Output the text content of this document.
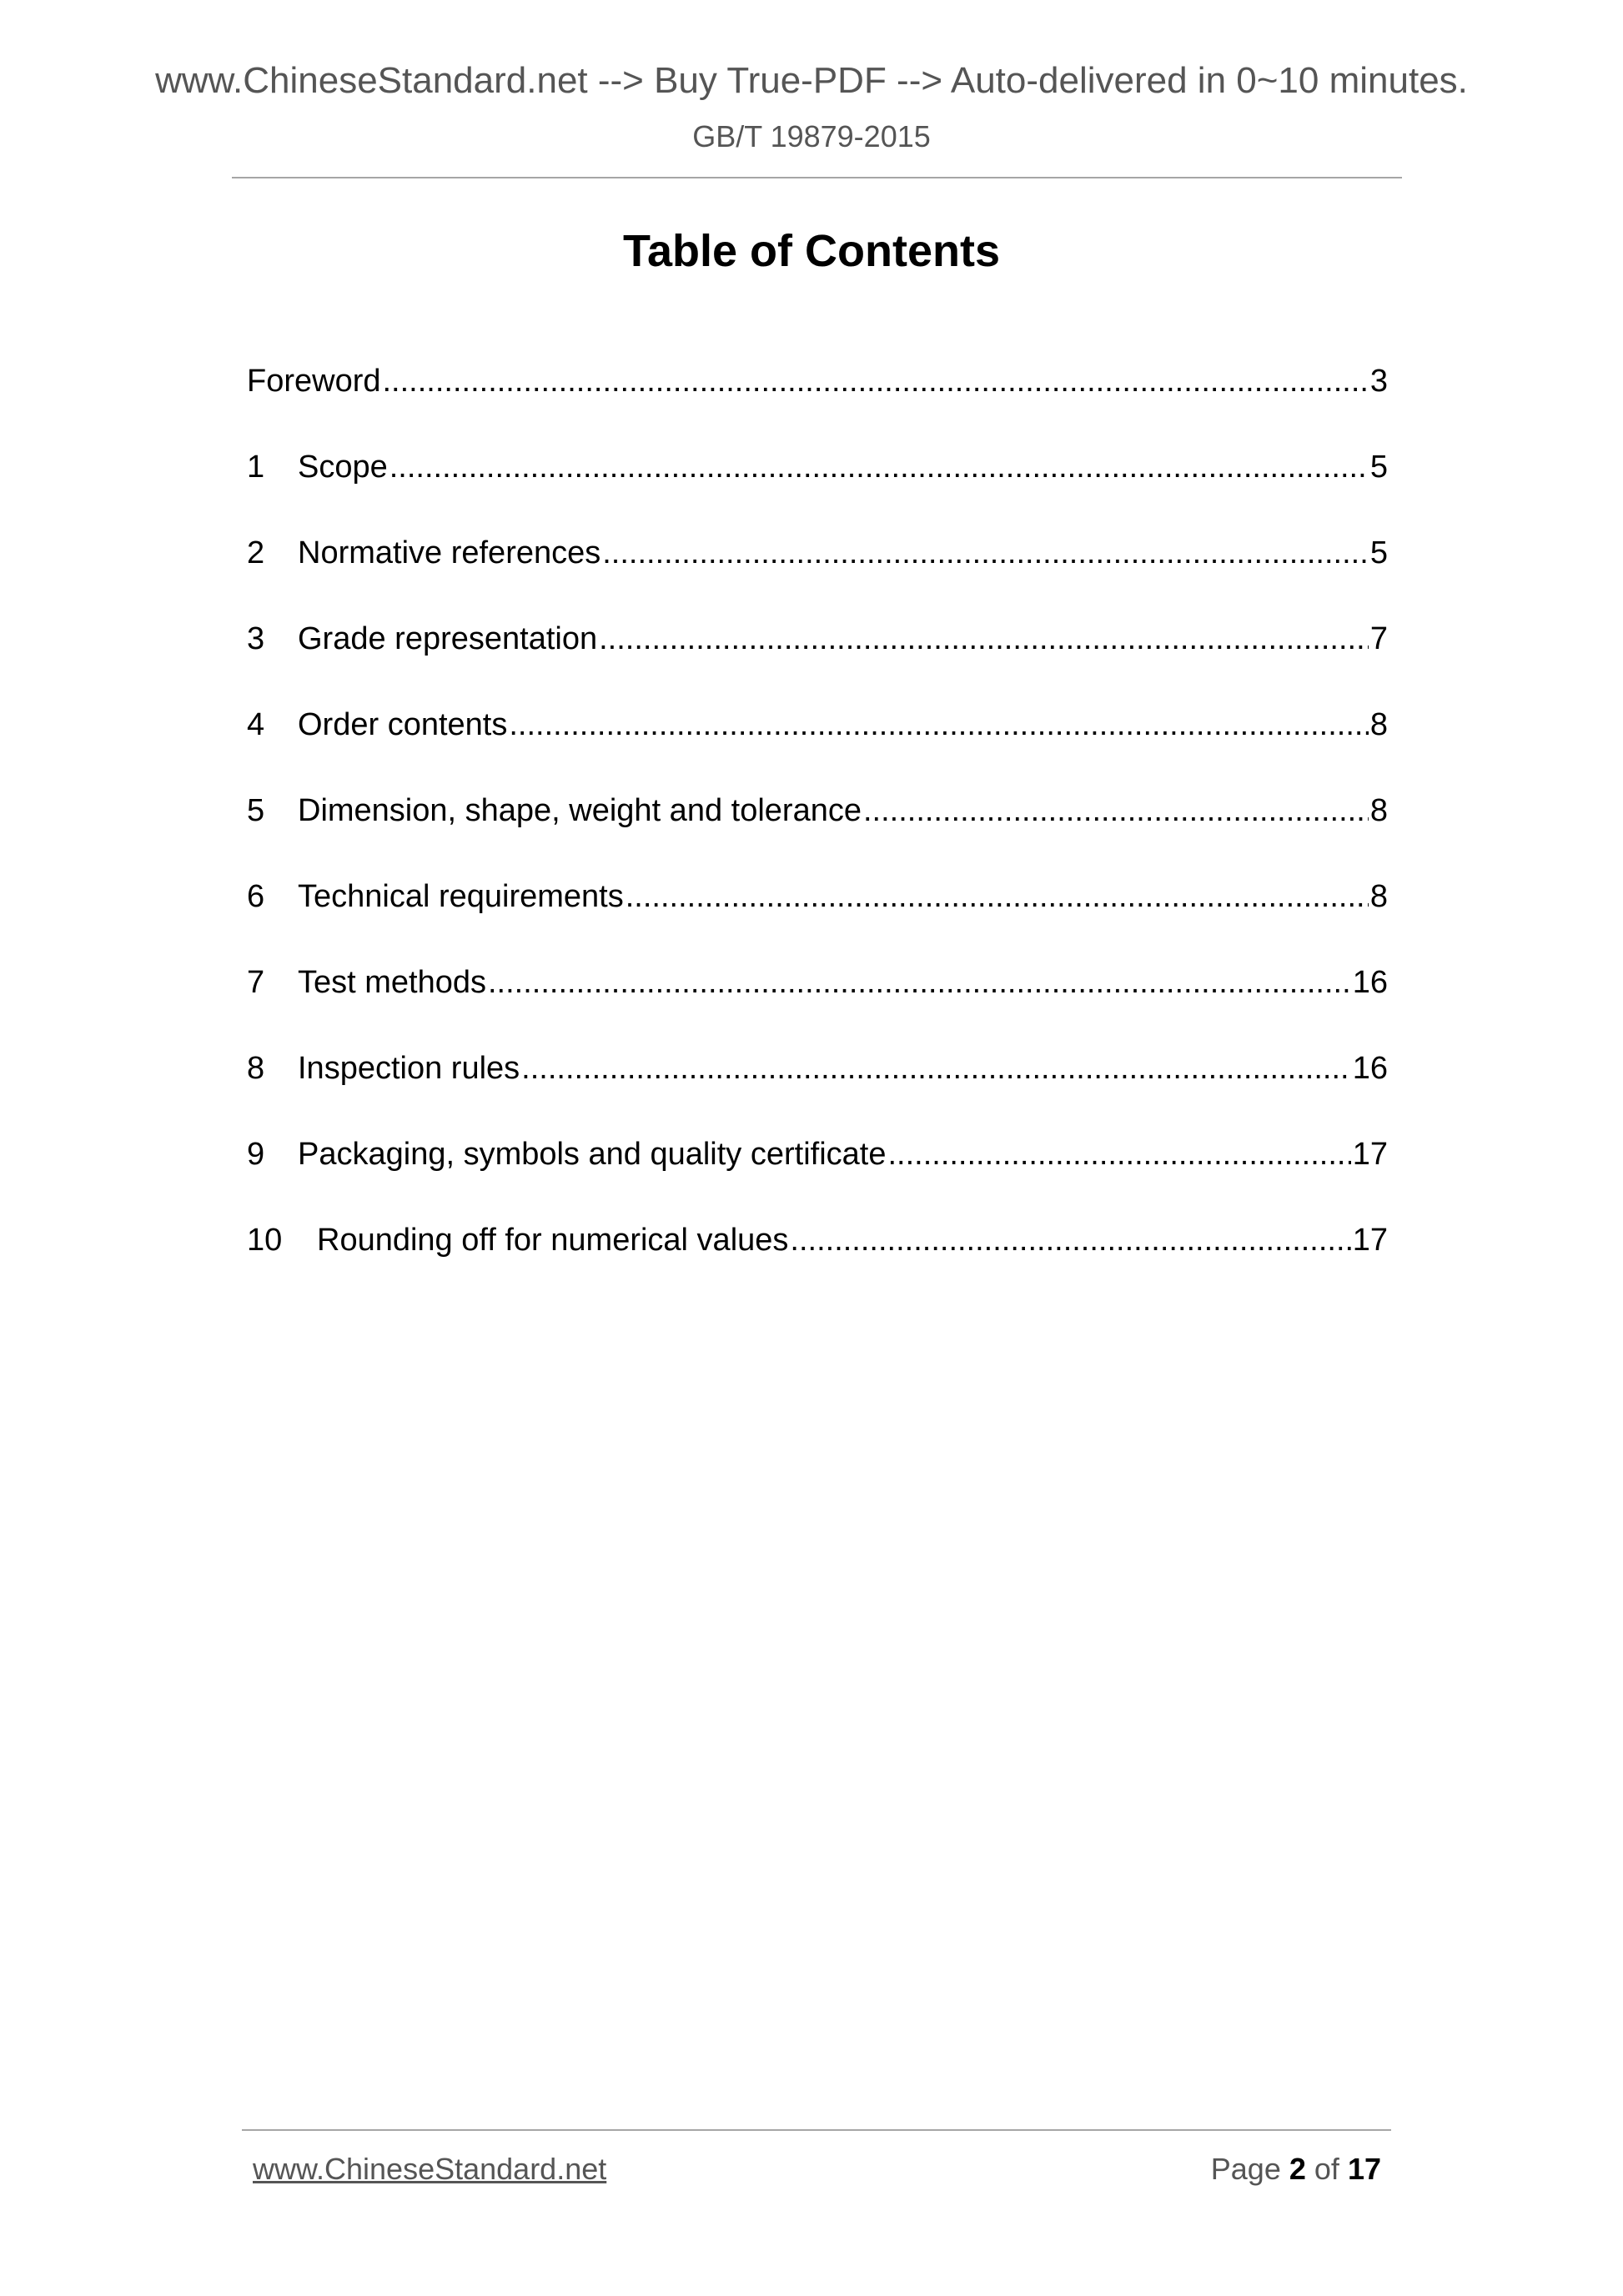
www.ChineseStandard.net --> Buy True-PDF --> Auto-delivered in 0~10 minutes.
GB/T 19879-2015
Table of Contents
Foreword .....	3
1	Scope .....	5
2	Normative references .....	5
3	Grade representation .....	7
4	Order contents .....	8
5	Dimension, shape, weight and tolerance .....	8
6	Technical requirements .....	8
7	Test methods .....	16
8	Inspection rules .....	16
9	Packaging, symbols and quality certificate .....	17
10	Rounding off for numerical values .....	17
www.ChineseStandard.net	Page 2 of 17
